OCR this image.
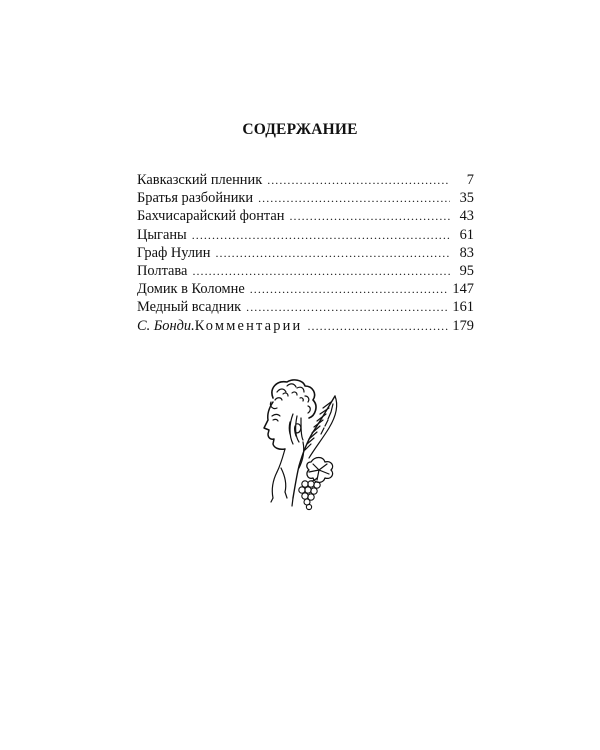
СОДЕРЖАНИЕ
Кавказский пленник .....	7
Братья разбойники .....	35
Бахчисарайский фонтан .....	43
Цыганы .....	61
Граф Нулин .....	83
Полтава .....	95
Домик в Коломне .....	147
Медный всадник .....	161
С. Бонди.Комментарии .....	179
